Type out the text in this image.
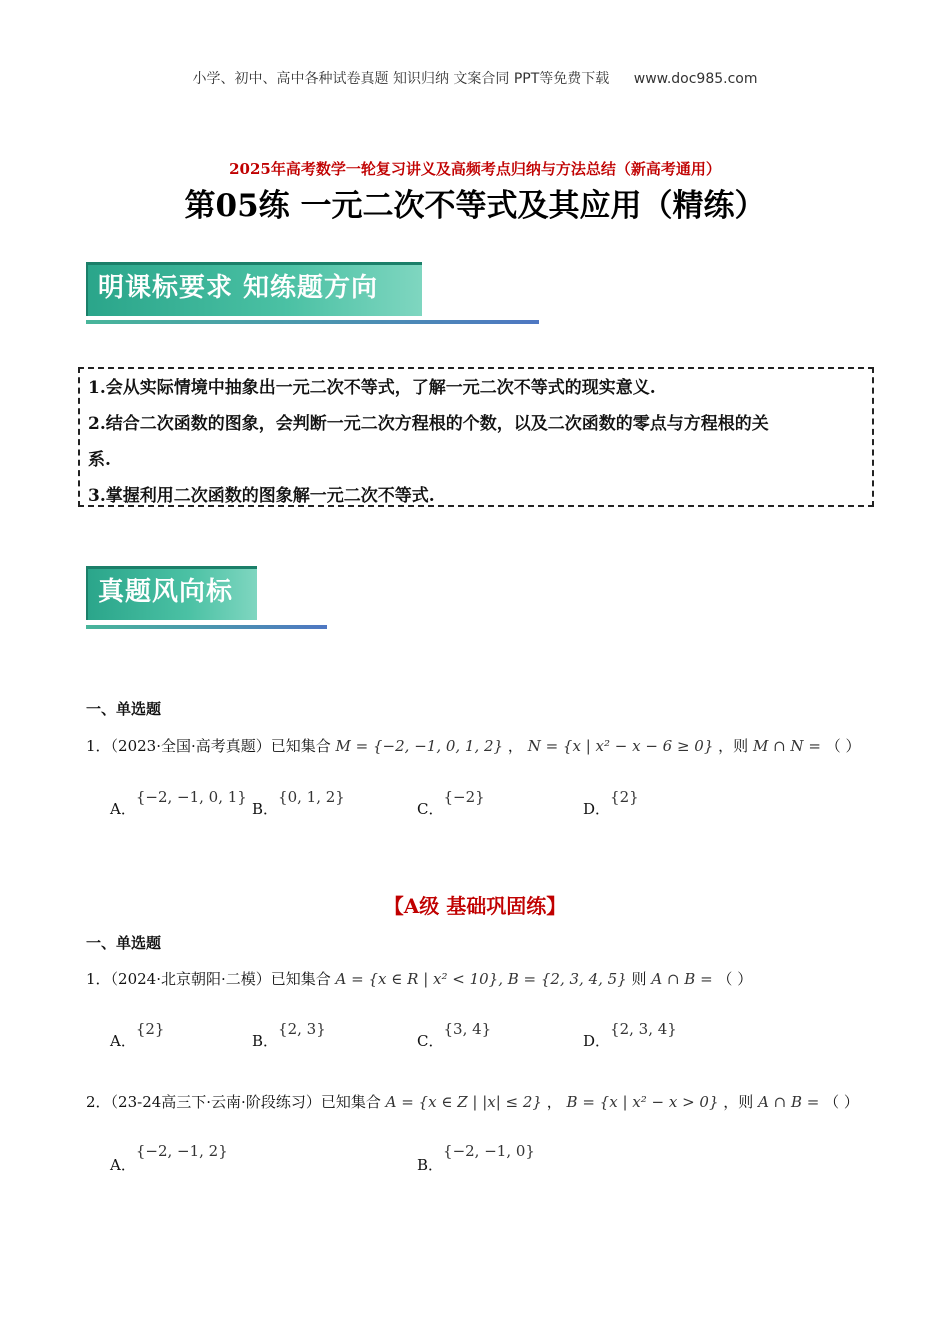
小学、初中、高中各种试卷真题 知识归纳 文案合同 PPT等免费下载 www.doc985.com
2025年高考数学一轮复习讲义及高频考点归纳与方法总结（新高考通用）
第05练 一元二次不等式及其应用（精练）
明课标要求 知练题方向
1.会从实际情境中抽象出一元二次不等式，了解一元二次不等式的现实意义.
2.结合二次函数的图象，会判断一元二次方程根的个数，以及二次函数的零点与方程根的关
系.
3.掌握利用二次函数的图象解一元二次不等式.
真题风向标
一、单选题
1．（2023·全国·高考真题）已知集合 M = {−2, −1, 0, 1, 2} ， N = {x | x² − x − 6 ≥ 0} ，则 M ∩ N = （ ）
A．{−2, −1, 0, 1}
B．{0, 1, 2}
C．{−2}
D．{2}
【A级 基础巩固练】
一、单选题
1．（2024·北京朝阳·二模）已知集合 A = {x ∈ R | x² < 10}, B = {2, 3, 4, 5} 则 A ∩ B = （ ）
A．{2}
B．{2, 3}
C．{3, 4}
D．{2, 3, 4}
2．（23-24高三下·云南·阶段练习）已知集合 A = {x ∈ Z | |x| ≤ 2} ， B = {x | x² − x > 0} ，则 A ∩ B = （ ）
A．{−2, −1, 2}
B．{−2, −1, 0}
